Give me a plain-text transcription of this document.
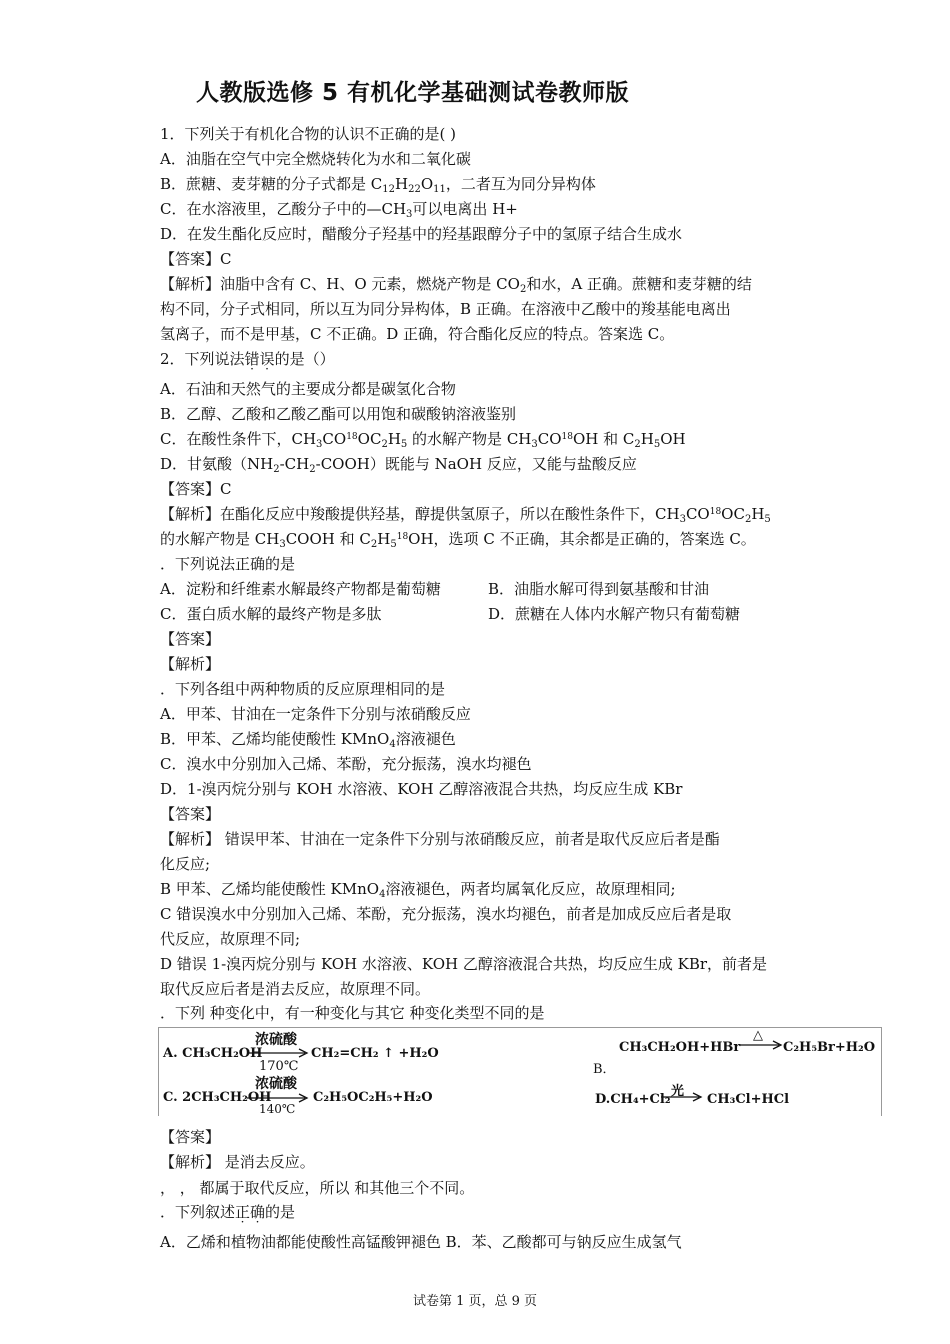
人教版选修 5 有机化学基础测试卷教师版
1．下列关于有机化合物的认识不正确的是( )
A．油脂在空气中完全燃烧转化为水和二氧化碳
B．蔗糖、麦芽糖的分子式都是 $C_{12}H_{22}O_{11}$，二者互为同分异构体
C．在水溶液里，乙酸分子中的$—CH_3$可以电离出 H+
D．在发生酯化反应时，醋酸分子羟基中的羟基跟醇分子中的氢原子结合生成水
【答案】C
【解析】油脂中含有 C、H、O 元素，燃烧产物是 $CO_2$和水，A 正确。蔗糖和麦芽糖的结
构不同，分子式相同，所以互为同分异构体，B 正确。在溶液中乙酸中的羧基能电离出
氢离子，而不是甲基，C 不正确。D 正确，符合酯化反应的特点。答案选 C。
2．下列说法错误的是（）
A．石油和天然气的主要成分都是碳氢化合物
B．乙醇、乙酸和乙酸乙酯可以用饱和碳酸钠溶液鉴别
C．在酸性条件下，$CH_3CO^{18}OC_2H_5$ 的水解产物是 $CH_3CO^{18}OH$ 和 $C_2H_5OH$
D．甘氨酸$(NH_2-CH_2-COOH)$既能与 NaOH 反应，又能与盐酸反应
【答案】C
【解析】在酯化反应中羧酸提供羟基，醇提供氢原子，所以在酸性条件下，$CH_3CO^{18}OC_2H_5$
的水解产物是 $CH_3COOH$ 和 $C_2H_5^{18}OH$，选项 C 不正确，其余都是正确的，答案选 C。
．下列说法正确的是
A．淀粉和纤维素水解最终产物都是葡萄糖	B．油脂水解可得到氨基酸和甘油
C．蛋白质水解的最终产物是多肽	D．蔗糖在人体内水解产物只有葡萄糖
【答案】
【解析】
．下列各组中两种物质的反应原理相同的是
A．甲苯、甘油在一定条件下分别与浓硝酸反应
B．甲苯、乙烯均能使酸性 KMnO$_4$溶液褪色
C．溴水中分别加入己烯、苯酚，充分振荡，溴水均褪色
D．1-溴丙烷分别与 KOH 水溶液、KOH 乙醇溶液混合共热，均反应生成 KBr
【答案】
【解析】 错误甲苯、甘油在一定条件下分别与浓硝酸反应，前者是取代反应后者是酯
化反应;
B 甲苯、乙烯均能使酸性 KMnO$_4$溶液褪色，两者均属氧化反应，故原理相同;
C 错误溴水中分别加入己烯、苯酚，充分振荡，溴水均褪色，前者是加成反应后者是取
代反应，故原理不同;
D 错误 1-溴丙烷分别与 KOH 水溶液、KOH 乙醇溶液混合共热，均反应生成 KBr，前者是
取代反应后者是消去反应，故原理不同。
．下列 种变化中，有一种变化与其它 种变化类型不同的是
A. CH₃CH₂OH
浓硫酸
170℃
CH₂=CH₂ ↑ +H₂O
C. 2CH₃CH₂OH
浓硫酸
140℃
C₂H₅OC₂H₅+H₂O
CH₃CH₂OH+HBr
△
C₂H₅Br+H₂O
B．
D.CH₄+Cl₂
光
→ CH₃Cl+HCl
【答案】
【解析】 是消去反应。
， ， 都属于取代反应，所以 和其他三个不同。
．下列叙述正确的是
A．乙烯和植物油都能使酸性高锰酸钾褪色 B．苯、乙酸都可与钠反应生成氢气
试卷第 1 页，总 9 页
